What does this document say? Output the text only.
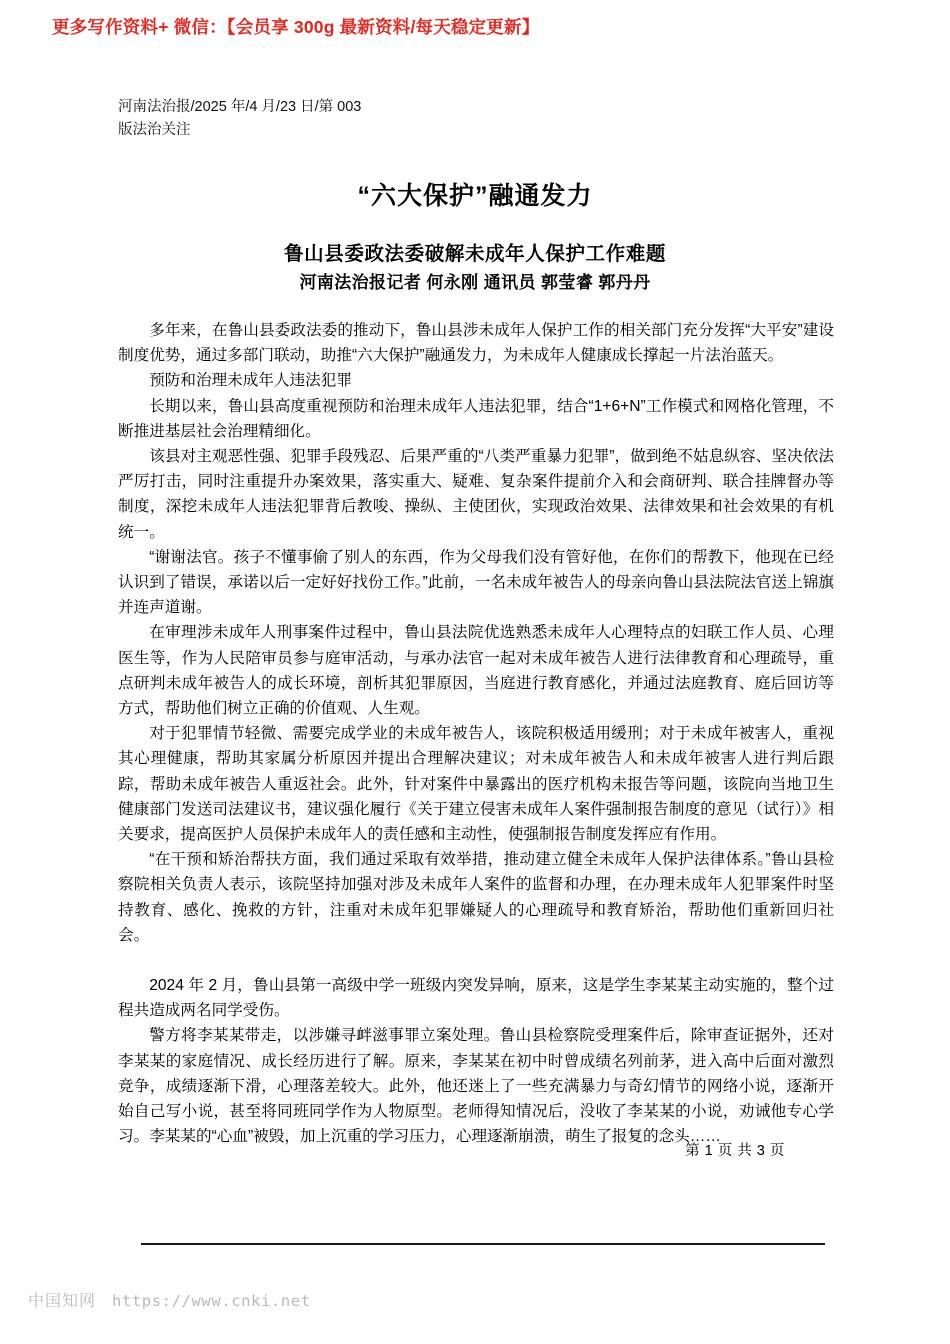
更多写作资料+ 微信：【会员享 300g 最新资料/每天稳定更新】
河南法治报/2025 年/4 月/23 日/第 003
版法治关注
“六大保护”融通发力
鲁山县委政法委破解未成年人保护工作难题
河南法治报记者 何永刚 通讯员 郭莹睿 郭丹丹

多年来，在鲁山县委政法委的推动下，鲁山县涉未成年人保护工作的相关部门充分发挥“大平安”建设制度优势，通过多部门联动，助推“六大保护”融通发力，为未成年人健康成长撑起一片法治蓝天。

预防和治理未成年人违法犯罪

长期以来，鲁山县高度重视预防和治理未成年人违法犯罪，结合“1+6+N”工作模式和网格化管理，不断推进基层社会治理精细化。

该县对主观恶性强、犯罪手段残忍、后果严重的“八类严重暴力犯罪”，做到绝不姑息纵容、坚决依法严厉打击，同时注重提升办案效果，落实重大、疑难、复杂案件提前介入和会商研判、联合挂牌督办等制度，深挖未成年人违法犯罪背后教唆、操纵、主使团伙，实现政治效果、法律效果和社会效果的有机统一。

“谢谢法官。孩子不懂事偷了别人的东西，作为父母我们没有管好他，在你们的帮教下，他现在已经认识到了错误，承诺以后一定好好找份工作。”此前，一名未成年被告人的母亲向鲁山县法院法官送上锦旗并连声道谢。

在审理涉未成年人刑事案件过程中，鲁山县法院优选熟悉未成年人心理特点的妇联工作人员、心理医生等，作为人民陪审员参与庭审活动，与承办法官一起对未成年被告人进行法律教育和心理疏导，重点研判未成年被告人的成长环境，剖析其犯罪原因，当庭进行教育感化，并通过法庭教育、庭后回访等方式，帮助他们树立正确的价值观、人生观。

对于犯罪情节轻微、需要完成学业的未成年被告人，该院积极适用缓刑；对于未成年被害人，重视其心理健康，帮助其家属分析原因并提出合理解决建议；对未成年被告人和未成年被害人进行判后跟踪，帮助未成年被告人重返社会。此外，针对案件中暴露出的医疗机构未报告等问题，该院向当地卫生健康部门发送司法建议书，建议强化履行《关于建立侵害未成年人案件强制报告制度的意见（试行）》相关要求，提高医护人员保护未成年人的责任感和主动性，使强制报告制度发挥应有作用。

“在干预和矫治帮扶方面，我们通过采取有效举措，推动建立健全未成年人保护法律体系。”鲁山县检察院相关负责人表示，该院坚持加强对涉及未成年人案件的监督和办理，在办理未成年人犯罪案件时坚持教育、感化、挽救的方针，注重对未成年犯罪嫌疑人的心理疏导和教育矫治，帮助他们重新回归社会。

2024 年 2 月，鲁山县第一高级中学一班级内突发异响，原来，这是学生李某某主动实施的，整个过程共造成两名同学受伤。

警方将李某某带走，以涉嫌寻衅滋事罪立案处理。鲁山县检察院受理案件后，除审查证据外，还对李某某的家庭情况、成长经历进行了解。原来，李某某在初中时曾成绩名列前茅，进入高中后面对激烈竞争，成绩逐渐下滑，心理落差较大。此外，他还迷上了一些充满暴力与奇幻情节的网络小说，逐渐开始自己写小说，甚至将同班同学作为人物原型。老师得知情况后，没收了李某某的小说，劝诫他专心学习。李某某的“心血”被毁，加上沉重的学习压力，心理逐渐崩溃，萌生了报复的念头……

第 1 页 共 3 页
中国知网 https://www.cnki.net
